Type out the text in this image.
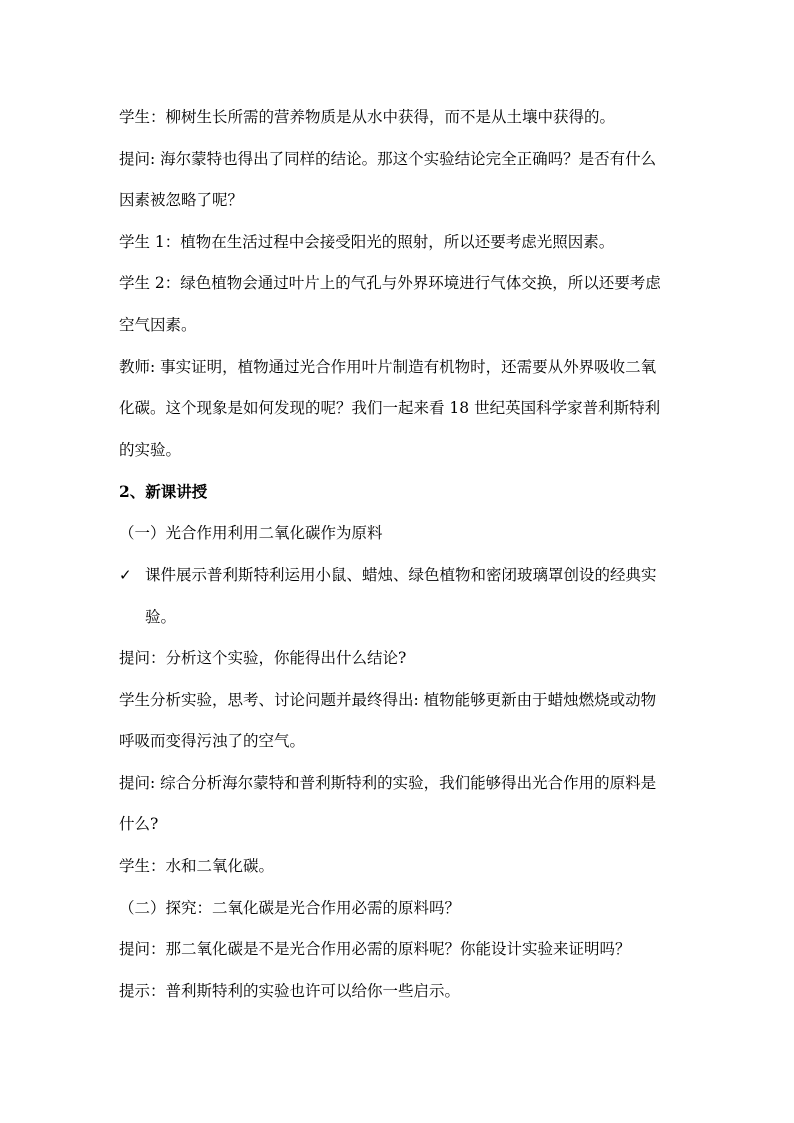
学生：柳树生长所需的营养物质是从水中获得，而不是从土壤中获得的。
提问: 海尔蒙特也得出了同样的结论。那这个实验结论完全正确吗？是否有什么
因素被忽略了呢？
学生 1：植物在生活过程中会接受阳光的照射，所以还要考虑光照因素。
学生 2：绿色植物会通过叶片上的气孔与外界环境进行气体交换，所以还要考虑
空气因素。
教师: 事实证明，植物通过光合作用叶片制造有机物时，还需要从外界吸收二氧
化碳。这个现象是如何发现的呢？我们一起来看 18 世纪英国科学家普利斯特利
的实验。
2、新课讲授
（一）光合作用利用二氧化碳作为原料
✓ 课件展示普利斯特利运用小鼠、蜡烛、绿色植物和密闭玻璃罩创设的经典实
验。
提问：分析这个实验，你能得出什么结论?
学生分析实验，思考、讨论问题并最终得出: 植物能够更新由于蜡烛燃烧或动物
呼吸而变得污浊了的空气。
提问: 综合分析海尔蒙特和普利斯特利的实验，我们能够得出光合作用的原料是
什么?
学生：水和二氧化碳。
（二）探究：二氧化碳是光合作用必需的原料吗？
提问：那二氧化碳是不是光合作用必需的原料呢？你能设计实验来证明吗？
提示：普利斯特利的实验也许可以给你一些启示。
